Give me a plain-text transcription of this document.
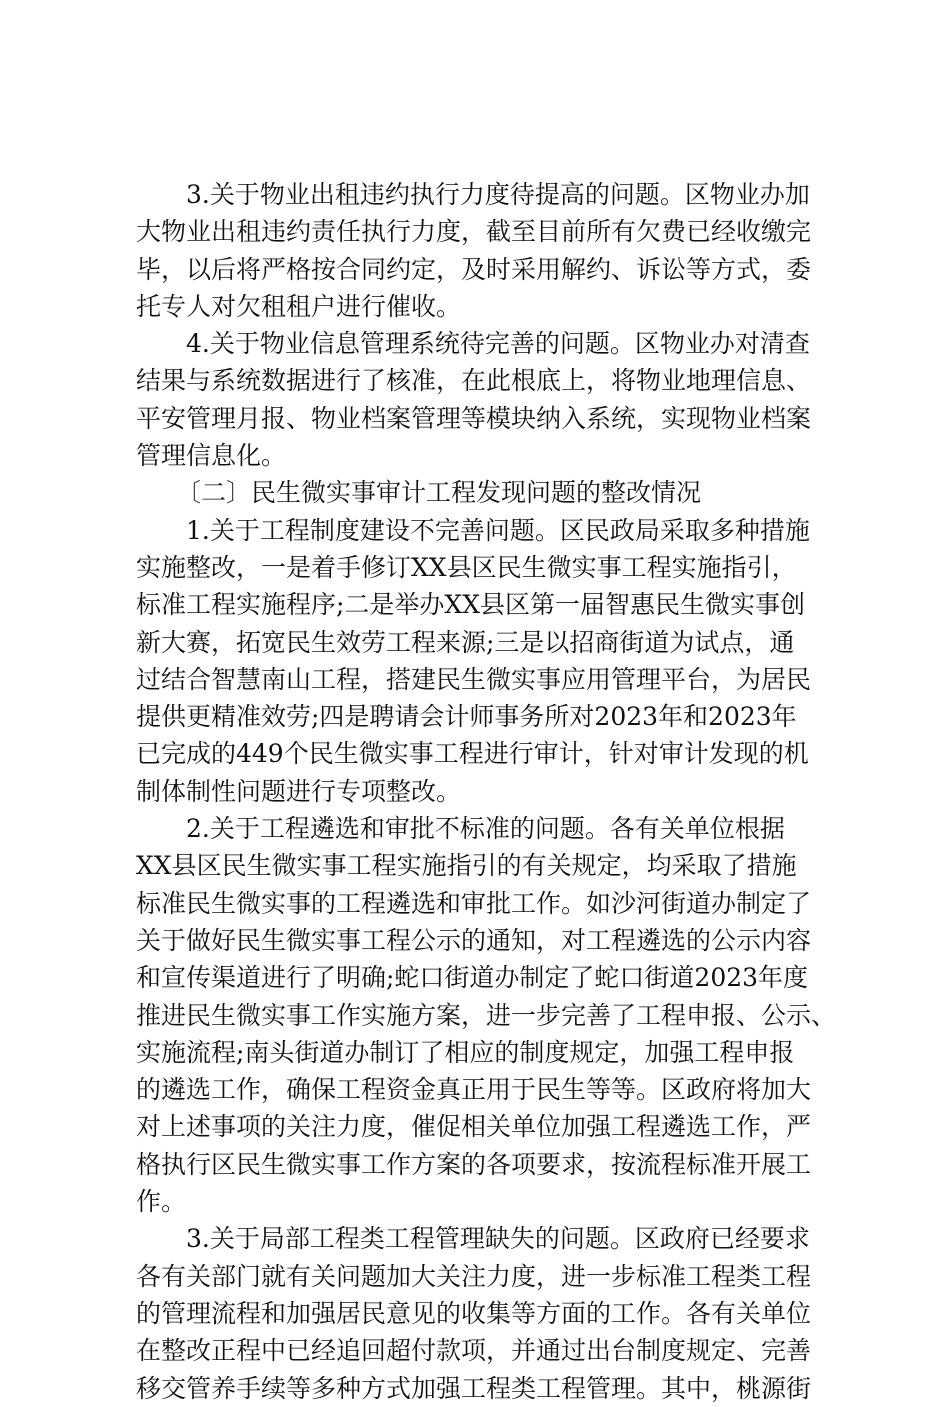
3.关于物业出租违约执行力度待提高的问题。区物业办加
大物业出租违约责任执行力度，截至目前所有欠费已经收缴完
毕，以后将严格按合同约定，及时采用解约、诉讼等方式，委
托专人对欠租租户进行催收。
4.关于物业信息管理系统待完善的问题。区物业办对清查
结果与系统数据进行了核准，在此根底上，将物业地理信息、
平安管理月报、物业档案管理等模块纳入系统，实现物业档案
管理信息化。
〔二〕民生微实事审计工程发现问题的整改情况
1.关于工程制度建设不完善问题。区民政局采取多种措施
实施整改，一是着手修订XX县区民生微实事工程实施指引，
标准工程实施程序;二是举办XX县区第一届智惠民生微实事创
新大赛，拓宽民生效劳工程来源;三是以招商街道为试点，通
过结合智慧南山工程，搭建民生微实事应用管理平台，为居民
提供更精准效劳;四是聘请会计师事务所对2023年和2023年
已完成的449个民生微实事工程进行审计，针对审计发现的机
制体制性问题进行专项整改。
2.关于工程遴选和审批不标准的问题。各有关单位根据
XX县区民生微实事工程实施指引的有关规定，均采取了措施
标准民生微实事的工程遴选和审批工作。如沙河街道办制定了
关于做好民生微实事工程公示的通知，对工程遴选的公示内容
和宣传渠道进行了明确;蛇口街道办制定了蛇口街道2023年度
推进民生微实事工作实施方案，进一步完善了工程申报、公示、
实施流程;南头街道办制订了相应的制度规定，加强工程申报
的遴选工作，确保工程资金真正用于民生等等。区政府将加大
对上述事项的关注力度，催促相关单位加强工程遴选工作，严
格执行区民生微实事工作方案的各项要求，按流程标准开展工
作。
3.关于局部工程类工程管理缺失的问题。区政府已经要求
各有关部门就有关问题加大关注力度，进一步标准工程类工程
的管理流程和加强居民意见的收集等方面的工作。各有关单位
在整改正程中已经追回超付款项，并通过出台制度规定、完善
移交管养手续等多种方式加强工程类工程管理。其中，桃源街
